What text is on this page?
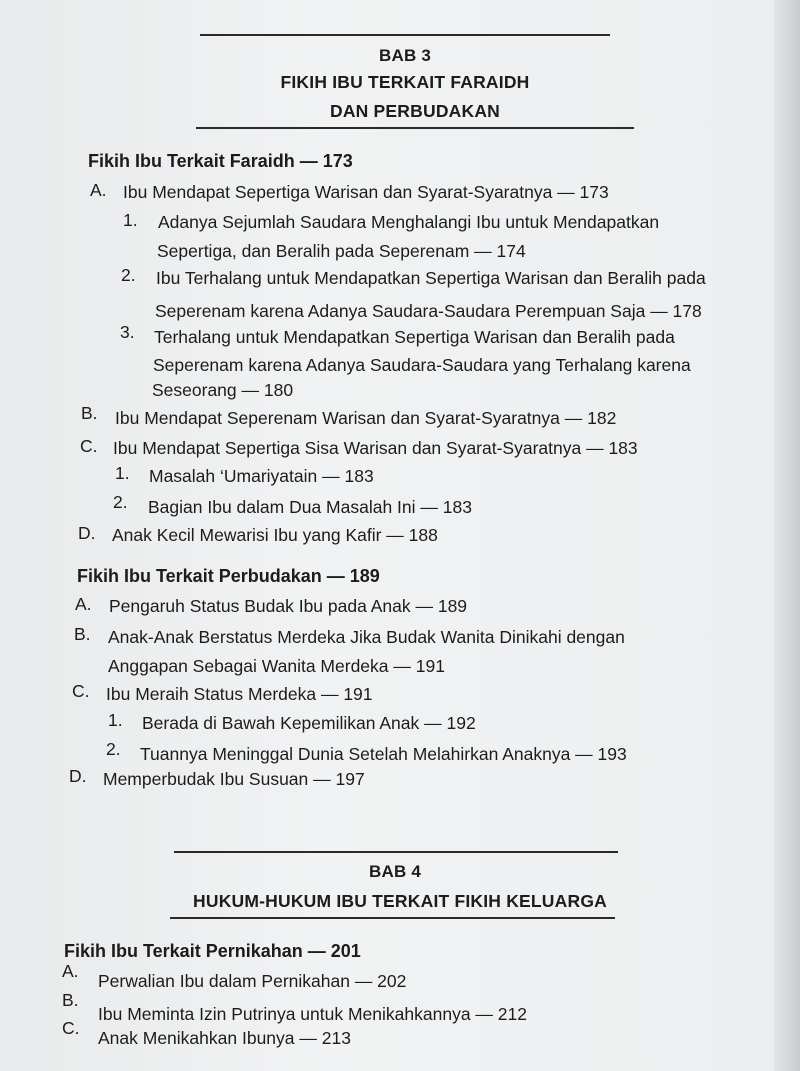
BAB 3
FIKIH IBU TERKAIT FARAIDH
DAN PERBUDAKAN
Fikih Ibu Terkait Faraidh — 173
A. Ibu Mendapat Sepertiga Warisan dan Syarat-Syaratnya — 173
1. Adanya Sejumlah Saudara Menghalangi Ibu untuk Mendapatkan
Sepertiga, dan Beralih pada Seperenam — 174
2. Ibu Terhalang untuk Mendapatkan Sepertiga Warisan dan Beralih pada
Seperenam karena Adanya Saudara-Saudara Perempuan Saja — 178
3. Terhalang untuk Mendapatkan Sepertiga Warisan dan Beralih pada
Seperenam karena Adanya Saudara-Saudara yang Terhalang karena
Seseorang — 180
B. Ibu Mendapat Seperenam Warisan dan Syarat-Syaratnya — 182
C. Ibu Mendapat Sepertiga Sisa Warisan dan Syarat-Syaratnya — 183
1. Masalah ‘Umariyatain — 183
2. Bagian Ibu dalam Dua Masalah Ini — 183
D. Anak Kecil Mewarisi Ibu yang Kafir — 188
Fikih Ibu Terkait Perbudakan — 189
A. Pengaruh Status Budak Ibu pada Anak — 189
B. Anak-Anak Berstatus Merdeka Jika Budak Wanita Dinikahi dengan
Anggapan Sebagai Wanita Merdeka — 191
C. Ibu Meraih Status Merdeka — 191
1. Berada di Bawah Kepemilikan Anak — 192
2. Tuannya Meninggal Dunia Setelah Melahirkan Anaknya — 193
D. Memperbudak Ibu Susuan — 197
BAB 4
HUKUM-HUKUM IBU TERKAIT FIKIH KELUARGA
Fikih Ibu Terkait Pernikahan — 201
A. Perwalian Ibu dalam Pernikahan — 202
B.
Ibu Meminta Izin Putrinya untuk Menikahkannya — 212
C. Anak Menikahkan Ibunya — 213
